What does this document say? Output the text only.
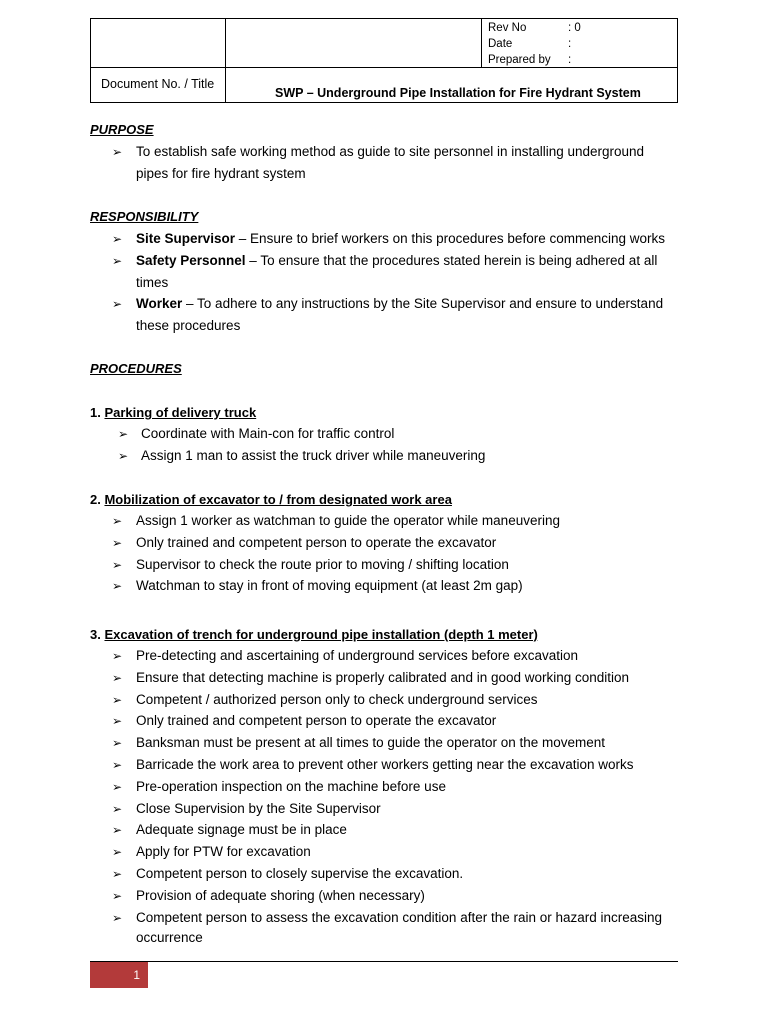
Rev No	: 0
Date	:
Prepared by :
Document No. / Title
SWP – Underground Pipe Installation for Fire Hydrant System
PURPOSE
➢ To establish safe working method as guide to site personnel in installing underground
pipes for fire hydrant system
RESPONSIBILITY
➢ Site Supervisor – Ensure to brief workers on this procedures before commencing works
➢ Safety Personnel – To ensure that the procedures stated herein is being adhered at all
times
➢ Worker – To adhere to any instructions by the Site Supervisor and ensure to understand
these procedures
PROCEDURES
1. Parking of delivery truck
➢ Coordinate with Main-con for traffic control
➢ Assign 1 man to assist the truck driver while maneuvering
2. Mobilization of excavator to / from designated work area
➢ Assign 1 worker as watchman to guide the operator while maneuvering
➢ Only trained and competent person to operate the excavator
➢ Supervisor to check the route prior to moving / shifting location
➢ Watchman to stay in front of moving equipment (at least 2m gap)
3. Excavation of trench for underground pipe installation (depth 1 meter)
➢ Pre-detecting and ascertaining of underground services before excavation
➢ Ensure that detecting machine is properly calibrated and in good working condition
➢ Competent / authorized person only to check underground services
➢ Only trained and competent person to operate the excavator
➢ Banksman must be present at all times to guide the operator on the movement
➢ Barricade the work area to prevent other workers getting near the excavation works
➢ Pre-operation inspection on the machine before use
➢ Close Supervision by the Site Supervisor
➢ Adequate signage must be in place
➢ Apply for PTW for excavation
➢ Competent person to closely supervise the excavation.
➢ Provision of adequate shoring (when necessary)
➢ Competent person to assess the excavation condition after the rain or hazard increasing
occurrence
1
